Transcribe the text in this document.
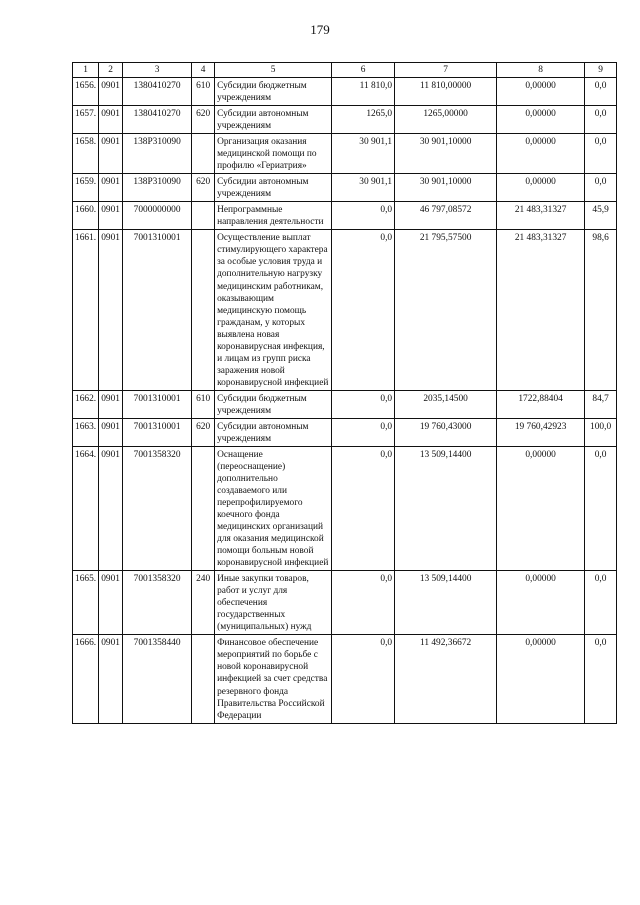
179
1	2	3	4	5	6	7	8	9
1656.	0901	1380410270	610	Субсидии бюджетным учреждениям	11 810,0	11 810,00000	0,00000	0,0
1657.	0901	1380410270	620	Субсидии автономным учреждениям	1265,0	1265,00000	0,00000	0,0
1658.	0901	138P310090		Организация оказания медицинской помощи по профилю «Гериатрия»	30 901,1	30 901,10000	0,00000	0,0
1659.	0901	138P310090	620	Субсидии автономным учреждениям	30 901,1	30 901,10000	0,00000	0,0
1660.	0901	7000000000		Непрограммные направления деятельности	0,0	46 797,08572	21 483,31327	45,9
1661.	0901	7001310001		Осуществление выплат стимулирующего характера за особые условия труда и дополнительную нагрузку медицинским работникам, оказывающим медицинскую помощь гражданам, у которых выявлена новая коронавирусная инфекция, и лицам из групп риска заражения новой коронавирусной инфекцией	0,0	21 795,57500	21 483,31327	98,6
1662.	0901	7001310001	610	Субсидии бюджетным учреждениям	0,0	2035,14500	1722,88404	84,7
1663.	0901	7001310001	620	Субсидии автономным учреждениям	0,0	19 760,43000	19 760,42923	100,0
1664.	0901	7001358320		Оснащение (переоснащение) дополнительно создаваемого или перепрофилируемого коечного фонда медицинских организаций для оказания медицинской помощи больным новой коронавирусной инфекцией	0,0	13 509,14400	0,00000	0,0
1665.	0901	7001358320	240	Иные закупки товаров, работ и услуг для обеспечения государственных (муниципальных) нужд	0,0	13 509,14400	0,00000	0,0
1666.	0901	7001358440		Финансовое обеспечение мероприятий по борьбе с новой коронавирусной инфекцией за счет средства резервного фонда Правительства Российской Федерации	0,0	11 492,36672	0,00000	0,0
